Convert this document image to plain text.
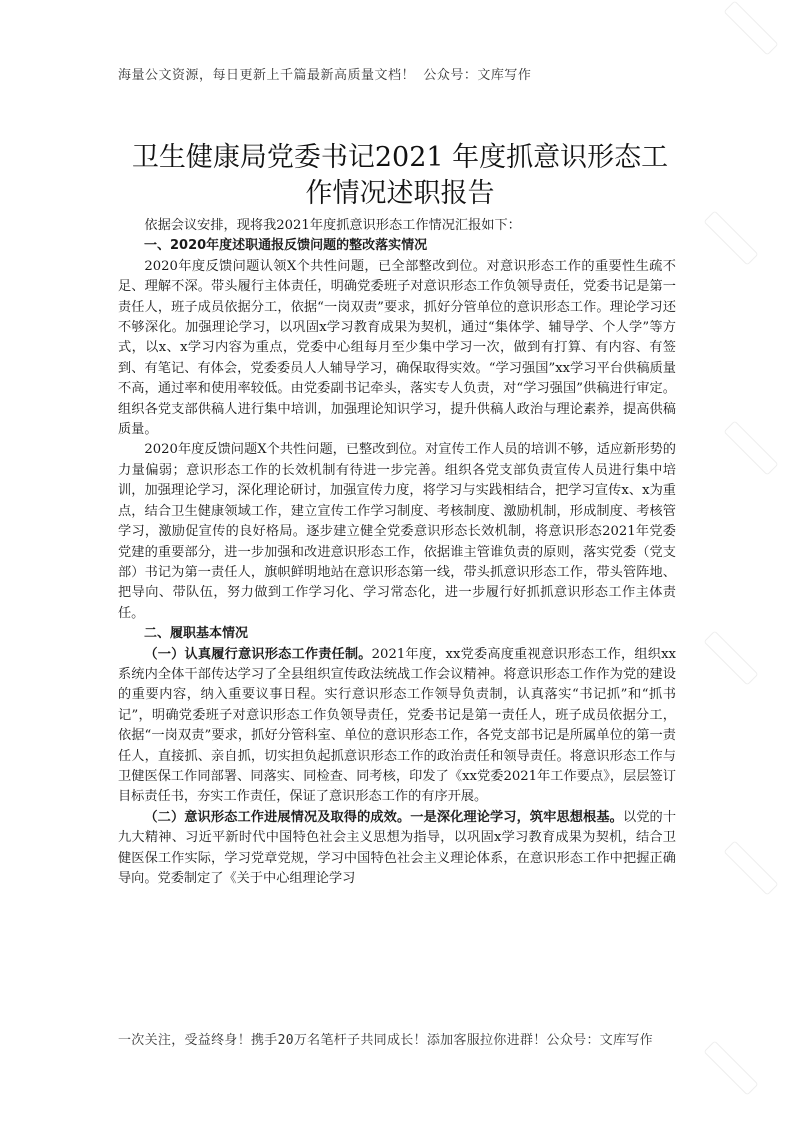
海量公文资源，每日更新上千篇最新高质量文档！ 公众号：文库写作
卫生健康局党委书记2021 年度抓意识形态工
作情况述职报告

依据会议安排，现将我2021年度抓意识形态工作情况汇报如下：

一、2020年度述职通报反馈问题的整改落实情况

2020年度反馈问题认领X个共性问题，已全部整改到位。对意识形态工作的重要性生疏不足、理解不深。带头履行主体责任，明确党委班子对意识形态工作负领导责任，党委书记是第一责任人，班子成员依据分工，依据“一岗双责”要求，抓好分管单位的意识形态工作。理论学习还不够深化。加强理论学习，以巩固x学习教育成果为契机，通过“集体学、辅导学、个人学”等方式，以x、x学习内容为重点，党委中心组每月至少集中学习一次，做到有打算、有内容、有签到、有笔记、有体会，党委委员人人辅导学习，确保取得实效。“学习强国”xx学习平台供稿质量不高，通过率和使用率较低。由党委副书记牵头，落实专人负责，对“学习强国”供稿进行审定。组织各党支部供稿人进行集中培训，加强理论知识学习，提升供稿人政治与理论素养，提高供稿质量。

2020年度反馈问题X个共性问题，已整改到位。对宣传工作人员的培训不够，适应新形势的力量偏弱；意识形态工作的长效机制有待进一步完善。组织各党支部负责宣传人员进行集中培训，加强理论学习，深化理论研讨，加强宣传力度，将学习与实践相结合，把学习宣传x、x为重点，结合卫生健康领域工作，建立宣传工作学习制度、考核制度、激励机制，形成制度、考核管学习，激励促宣传的良好格局。逐步建立健全党委意识形态长效机制，将意识形态2021年党委党建的重要部分，进一步加强和改进意识形态工作，依据谁主管谁负责的原则，落实党委（党支部）书记为第一责任人，旗帜鲜明地站在意识形态第一线，带头抓意识形态工作，带头管阵地、把导向、带队伍，努力做到工作学习化、学习常态化，进一步履行好抓抓意识形态工作主体责任。

二、履职基本情况

（一）认真履行意识形态工作责任制。2021年度，xx党委高度重视意识形态工作，组织xx系统内全体干部传达学习了全县组织宣传政法统战工作会议精神。将意识形态工作作为党的建设的重要内容，纳入重要议事日程。实行意识形态工作领导负责制，认真落实“书记抓”和“抓书记”，明确党委班子对意识形态工作负领导责任，党委书记是第一责任人，班子成员依据分工，依据“一岗双责”要求，抓好分管科室、单位的意识形态工作，各党支部书记是所属单位的第一责任人，直接抓、亲自抓，切实担负起抓意识形态工作的政治责任和领导责任。将意识形态工作与卫健医保工作同部署、同落实、同检查、同考核，印发了《xx党委2021年工作要点》，层层签订目标责任书，夯实工作责任，保证了意识形态工作的有序开展。

（二）意识形态工作进展情况及取得的成效。一是深化理论学习，筑牢思想根基。以党的十九大精神、习近平新时代中国特色社会主义思想为指导，以巩固x学习教育成果为契机，结合卫健医保工作实际，学习党章党规，学习中国特色社会主义理论体系，在意识形态工作中把握正确导向。党委制定了《关于中心组理论学习

一次关注，受益终身！携手20万名笔杆子共同成长！添加客服拉你进群！公众号：文库写作
